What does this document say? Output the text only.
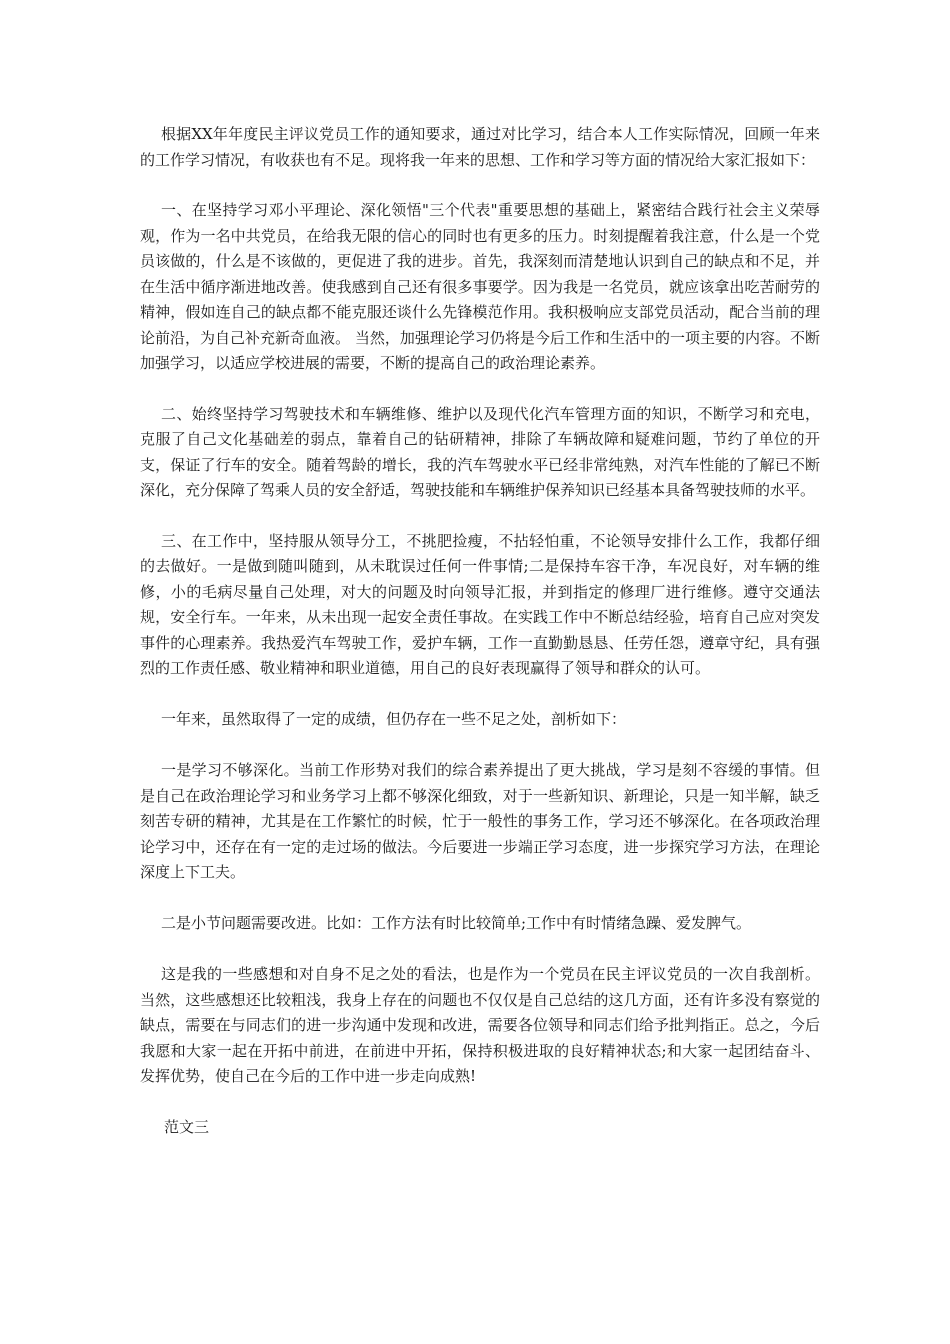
根据XX年年度民主评议党员工作的通知要求，通过对比学习，结合本人工作实际情况，回顾一年来的工作学习情况，有收获也有不足。现将我一年来的思想、工作和学习等方面的情况给大家汇报如下：

一、在坚持学习邓小平理论、深化领悟"三个代表"重要思想的基础上，紧密结合践行社会主义荣辱观，作为一名中共党员，在给我无限的信心的同时也有更多的压力。时刻提醒着我注意，什么是一个党员该做的，什么是不该做的，更促进了我的进步。首先，我深刻而清楚地认识到自己的缺点和不足，并在生活中循序渐进地改善。使我感到自己还有很多事要学。因为我是一名党员，就应该拿出吃苦耐劳的精神，假如连自己的缺点都不能克服还谈什么先锋模范作用。我积极响应支部党员活动，配合当前的理论前沿，为自己补充新奇血液。 当然，加强理论学习仍将是今后工作和生活中的一项主要的内容。不断加强学习，以适应学校进展的需要，不断的提高自己的政治理论素养。

二、始终坚持学习驾驶技术和车辆维修、维护以及现代化汽车管理方面的知识，不断学习和充电，克服了自己文化基础差的弱点，靠着自己的钻研精神，排除了车辆故障和疑难问题，节约了单位的开支，保证了行车的安全。随着驾龄的增长，我的汽车驾驶水平已经非常纯熟，对汽车性能的了解已不断深化，充分保障了驾乘人员的安全舒适，驾驶技能和车辆维护保养知识已经基本具备驾驶技师的水平。

三、在工作中，坚持服从领导分工，不挑肥捡瘦，不拈轻怕重，不论领导安排什么工作，我都仔细的去做好。一是做到随叫随到，从未耽误过任何一件事情;二是保持车容干净，车况良好，对车辆的维修，小的毛病尽量自己处理，对大的问题及时向领导汇报，并到指定的修理厂进行维修。遵守交通法规，安全行车。一年来，从未出现一起安全责任事故。在实践工作中不断总结经验，培育自己应对突发事件的心理素养。我热爱汽车驾驶工作，爱护车辆，工作一直勤勤恳恳、任劳任怨，遵章守纪，具有强烈的工作责任感、敬业精神和职业道德，用自己的良好表现赢得了领导和群众的认可。

一年来，虽然取得了一定的成绩，但仍存在一些不足之处，剖析如下：

一是学习不够深化。当前工作形势对我们的综合素养提出了更大挑战，学习是刻不容缓的事情。但是自己在政治理论学习和业务学习上都不够深化细致，对于一些新知识、新理论，只是一知半解，缺乏刻苦专研的精神，尤其是在工作繁忙的时候，忙于一般性的事务工作，学习还不够深化。在各项政治理论学习中，还存在有一定的走过场的做法。今后要进一步端正学习态度，进一步探究学习方法，在理论深度上下工夫。

二是小节问题需要改进。比如：工作方法有时比较简单;工作中有时情绪急躁、爱发脾气。

这是我的一些感想和对自身不足之处的看法，也是作为一个党员在民主评议党员的一次自我剖析。当然，这些感想还比较粗浅，我身上存在的问题也不仅仅是自己总结的这几方面，还有许多没有察觉的缺点，需要在与同志们的进一步沟通中发现和改进，需要各位领导和同志们给予批判指正。总之，今后我愿和大家一起在开拓中前进，在前进中开拓，保持积极进取的良好精神状态;和大家一起团结奋斗、发挥优势，使自己在今后的工作中进一步走向成熟!

范文三
